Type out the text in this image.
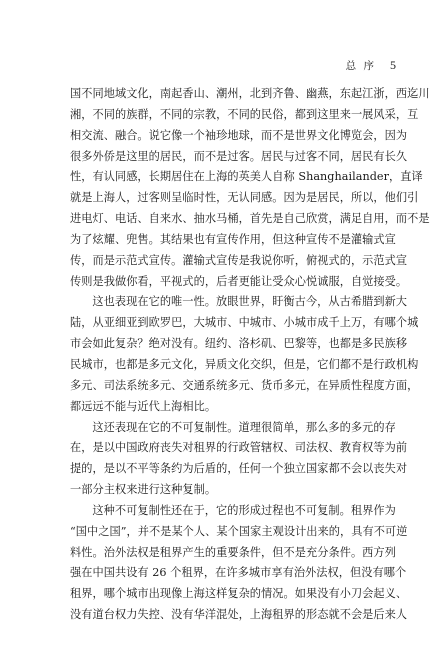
总 序 5
国不同地域文化，南起香山、潮州，北到齐鲁、幽燕，东起江浙，西迄川
湘，不同的族群，不同的宗教，不同的民俗，都到这里来一展风采，互
相交流、融合。说它像一个袖珍地球，而不是世界文化博览会，因为
很多外侨是这里的居民，而不是过客。居民与过客不同，居民有长久
性，有认同感，长期居住在上海的英美人自称 Shanghailander，直译
就是上海人，过客则呈临时性，无认同感。因为是居民，所以，他们引
进电灯、电话、自来水、抽水马桶，首先是自己欣赏，满足自用，而不是
为了炫耀、兜售。其结果也有宣传作用，但这种宣传不是灌输式宣
传，而是示范式宣传。灌输式宣传是我说你听，俯视式的，示范式宣
传则是我做你看，平视式的，后者更能让受众心悦诚服，自觉接受。
这也表现在它的唯一性。放眼世界，盱衡古今，从古希腊到新大
陆，从亚细亚到欧罗巴，大城市、中城市、小城市成千上万，有哪个城
市会如此复杂？绝对没有。纽约、洛杉矶、巴黎等，也都是多民族移
民城市，也都是多元文化，异质文化交织，但是，它们都不是行政机构
多元、司法系统多元、交通系统多元、货币多元，在异质性程度方面，
都远远不能与近代上海相比。
这还表现在它的不可复制性。道理很简单，那么多的多元的存
在，是以中国政府丧失对租界的行政管辖权、司法权、教育权等为前
提的，是以不平等条约为后盾的，任何一个独立国家都不会以丧失对
一部分主权来进行这种复制。
这种不可复制性还在于，它的形成过程也不可复制。租界作为
“国中之国”，并不是某个人、某个国家主观设计出来的，具有不可逆
料性。治外法权是租界产生的重要条件，但不是充分条件。西方列
强在中国共设有 26 个租界，在许多城市享有治外法权，但没有哪个
租界，哪个城市出现像上海这样复杂的情况。如果没有小刀会起义、
没有道台权力失控、没有华洋混处，上海租界的形态就不会是后来人
